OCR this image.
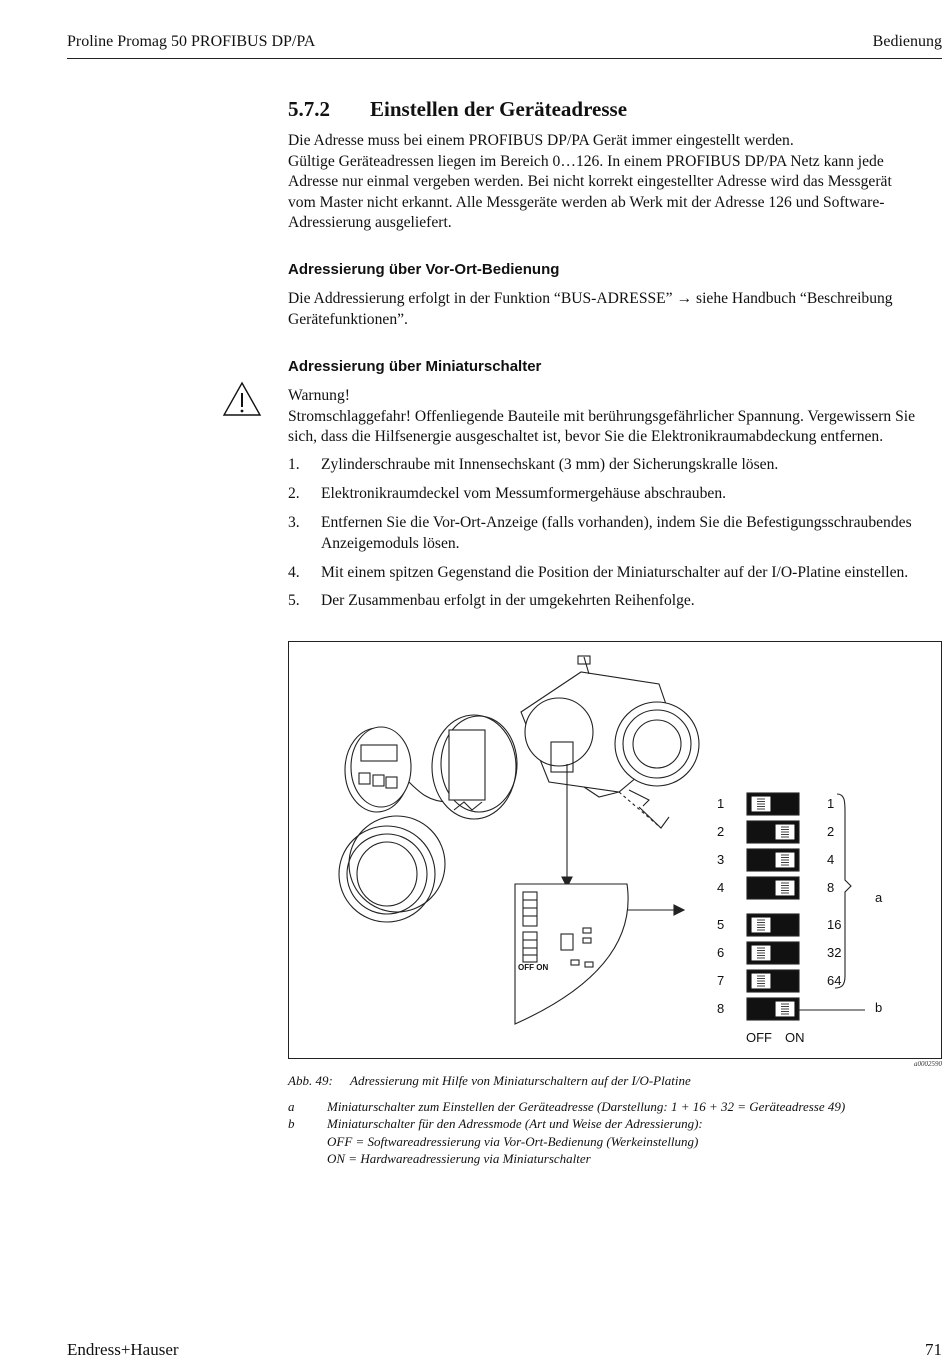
Proline Promag 50 PROFIBUS DP/PA	Bedienung
5.7.2 Einstellen der Geräteadresse
Die Adresse muss bei einem PROFIBUS DP/PA Gerät immer eingestellt werden.
Gültige Geräteadressen liegen im Bereich 0…126. In einem PROFIBUS DP/PA Netz kann jede
Adresse nur einmal vergeben werden. Bei nicht korrekt eingestellter Adresse wird das Messgerät
vom Master nicht erkannt. Alle Messgeräte werden ab Werk mit der Adresse 126 und Software-
Adressierung ausgeliefert.
Adressierung über Vor-Ort-Bedienung
Die Addressierung erfolgt in der Funktion “BUS-ADRESSE” → siehe Handbuch “Beschreibung
Gerätefunktionen”.
Adressierung über Miniaturschalter
Warnung!
Stromschlaggefahr! Offenliegende Bauteile mit berührungsgefährlicher Spannung. Vergewissern Sie
sich, dass die Hilfsenergie ausgeschaltet ist, bevor Sie die Elektronikraumabdeckung entfernen.
1. Zylinderschraube mit Innensechskant (3 mm) der Sicherungskralle lösen.
2. Elektronikraumdeckel vom Messumformergehäuse abschrauben.
3. Entfernen Sie die Vor-Ort-Anzeige (falls vorhanden), indem Sie die Befestigungsschraubendes
Anzeigemoduls lösen.
4. Mit einem spitzen Gegenstand die Position der Miniaturschalter auf der I/O-Platine einstellen.
5. Der Zusammenbau erfolgt in der umgekehrten Reihenfolge.
OFF ON
1	1
2	2
3	4
4	8
5	16
6	32
7	64
8
a
b
OFF ON
a0002590
Abb. 49: Adressierung mit Hilfe von Miniaturschaltern auf der I/O-Platine
a	Miniaturschalter zum Einstellen der Geräteadresse (Darstellung: 1 + 16 + 32 = Geräteadresse 49)
b	Miniaturschalter für den Adressmode (Art und Weise der Adressierung):
OFF = Softwareadressierung via Vor-Ort-Bedienung (Werkeinstellung)
ON = Hardwareadressierung via Miniaturschalter
Endress+Hauser	71
